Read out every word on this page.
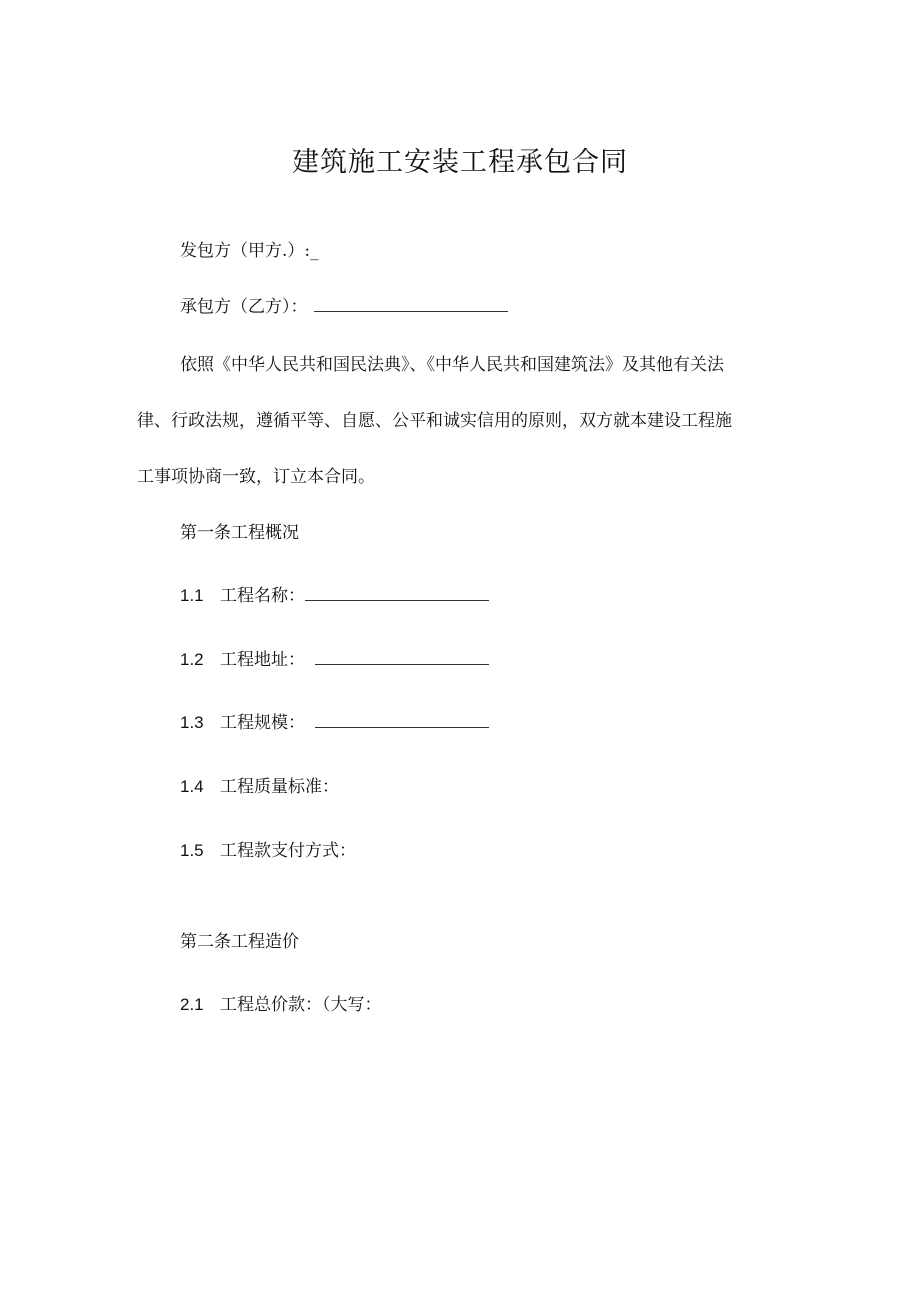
建筑施工安装工程承包合同
发包方（甲方.）:_
承包方（乙方）：
依照《中华人民共和国民法典》、《中华人民共和国建筑法》及其他有关法
律、行政法规，遵循平等、自愿、公平和诚实信用的原则，双方就本建设工程施
工事项协商一致，订立本合同。
第一条工程概况
1.1 工程名称：
1.2 工程地址：
1.3 工程规模：
1.4 工程质量标准：
1.5 工程款支付方式：
第二条工程造价
2.1 工程总价款：（大写：
